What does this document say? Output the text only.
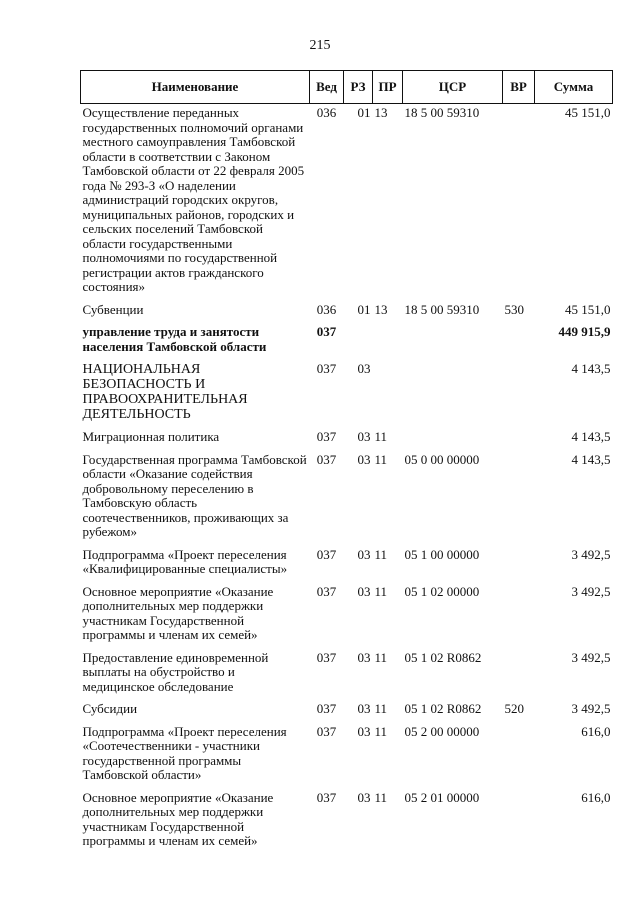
215
Наименование	Вед	РЗ	ПР	ЦСР	ВР	Сумма
Осуществление переданных государственных полномочий органами местного самоуправления Тамбовской области в соответствии с Законом Тамбовской области от 22 февраля 2005 года № 293-З «О наделении администраций городских округов, муниципальных районов, городских и сельских поселений Тамбовской области государственными полномочиями по государственной регистрации актов гражданского состояния»	036	01	13	18 5 00 59310		45 151,0
Субвенции	036	01	13	18 5 00 59310	530	45 151,0
управление труда и занятости населения Тамбовской области	037					449 915,9
НАЦИОНАЛЬНАЯ БЕЗОПАСНОСТЬ И ПРАВООХРАНИТЕЛЬНАЯ ДЕЯТЕЛЬНОСТЬ	037	03				4 143,5
Миграционная политика	037	03	11			4 143,5
Государственная программа Тамбовской области «Оказание содействия добровольному переселению в Тамбовскую область соотечественников, проживающих за рубежом»	037	03	11	05 0 00 00000		4 143,5
Подпрограмма «Проект переселения «Квалифицированные специалисты»	037	03	11	05 1 00 00000		3 492,5
Основное мероприятие «Оказание дополнительных мер поддержки участникам Государственной программы и членам их семей»	037	03	11	05 1 02 00000		3 492,5
Предоставление единовременной выплаты на обустройство и медицинское обследование	037	03	11	05 1 02 R0862		3 492,5
Субсидии	037	03	11	05 1 02 R0862	520	3 492,5
Подпрограмма «Проект переселения «Соотечественники - участники государственной программы Тамбовской области»	037	03	11	05 2 00 00000		616,0
Основное мероприятие «Оказание дополнительных мер поддержки участникам Государственной программы и членам их семей»	037	03	11	05 2 01 00000		616,0
